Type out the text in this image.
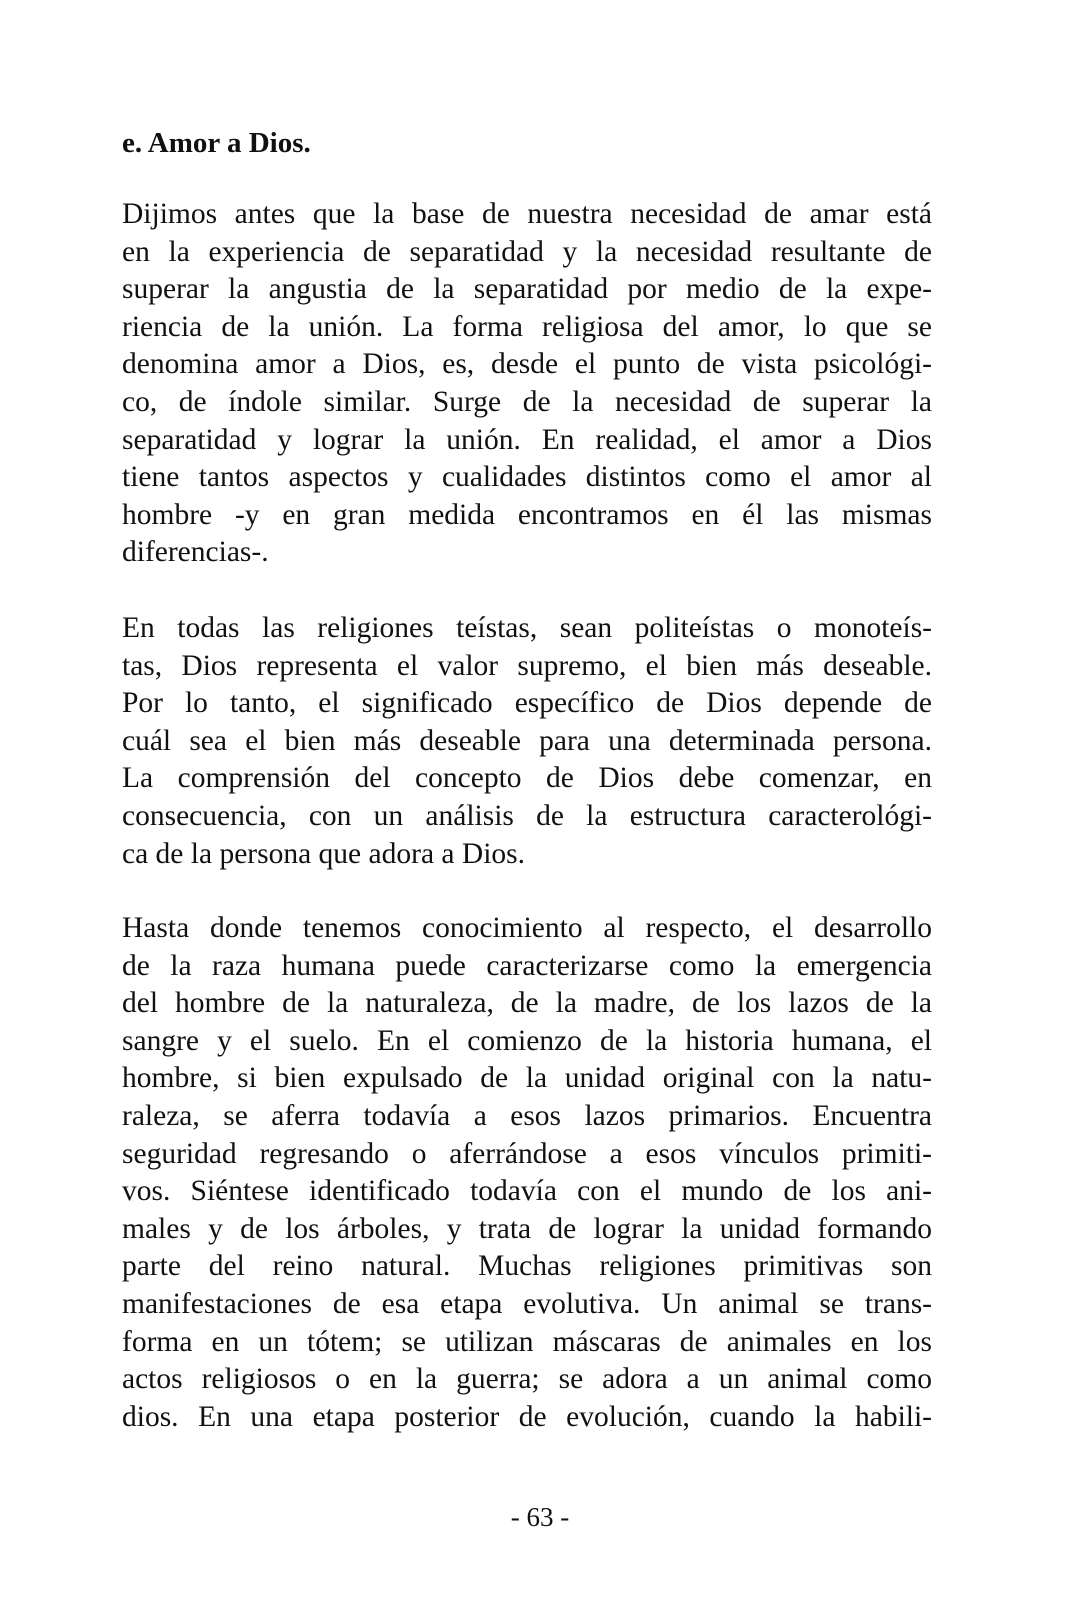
e. Amor a Dios.
Dijimos antes que la base de nuestra necesidad de amar está
en la experiencia de separatidad y la necesidad resultante de
superar la angustia de la separatidad por medio de la expe-
riencia de la unión. La forma religiosa del amor, lo que se
denomina amor a Dios, es, desde el punto de vista psicológi-
co, de índole similar. Surge de la necesidad de superar la
separatidad y lograr la unión. En realidad, el amor a Dios
tiene tantos aspectos y cualidades distintos como el amor al
hombre -y en gran medida encontramos en él las mismas
diferencias-.
En todas las religiones teístas, sean politeístas o monoteís-
tas, Dios representa el valor supremo, el bien más deseable.
Por lo tanto, el significado específico de Dios depende de
cuál sea el bien más deseable para una determinada persona.
La comprensión del concepto de Dios debe comenzar, en
consecuencia, con un análisis de la estructura caracterológi-
ca de la persona que adora a Dios.
Hasta donde tenemos conocimiento al respecto, el desarrollo
de la raza humana puede caracterizarse como la emergencia
del hombre de la naturaleza, de la madre, de los lazos de la
sangre y el suelo. En el comienzo de la historia humana, el
hombre, si bien expulsado de la unidad original con la natu-
raleza, se aferra todavía a esos lazos primarios. Encuentra
seguridad regresando o aferrándose a esos vínculos primiti-
vos. Siéntese identificado todavía con el mundo de los ani-
males y de los árboles, y trata de lograr la unidad formando
parte del reino natural. Muchas religiones primitivas son
manifestaciones de esa etapa evolutiva. Un animal se trans-
forma en un tótem; se utilizan máscaras de animales en los
actos religiosos o en la guerra; se adora a un animal como
dios. En una etapa posterior de evolución, cuando la habili-
- 63 -
